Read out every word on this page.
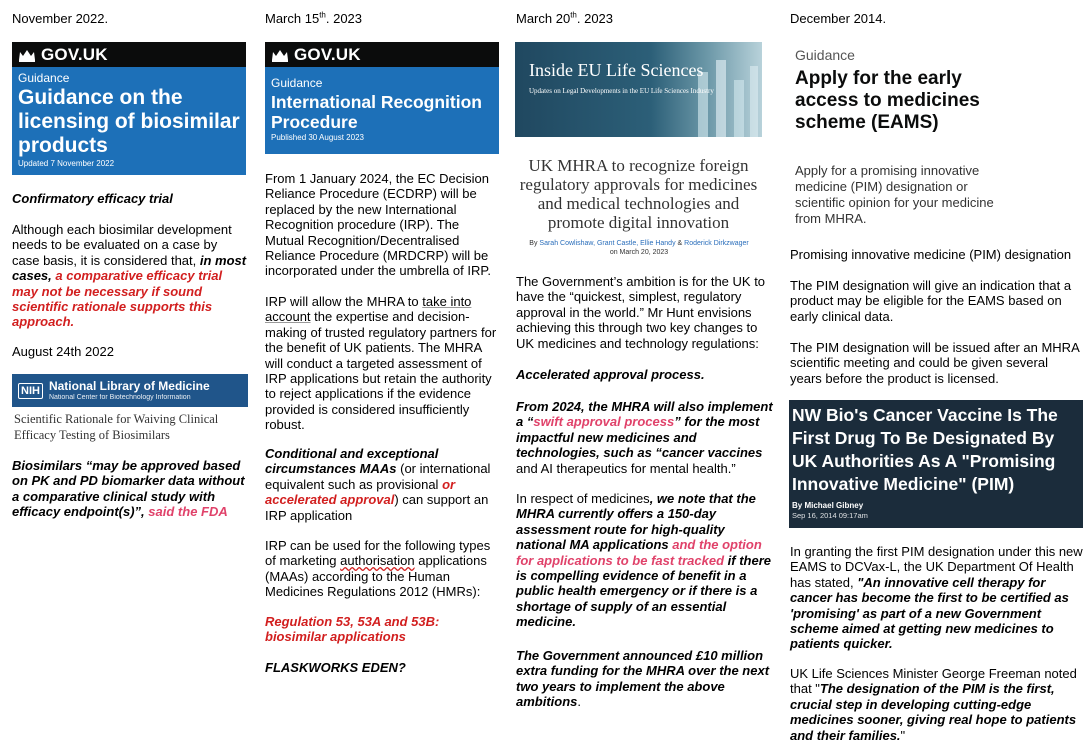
November 2022.
GOV.UK
Guidance
Guidance on the licensing of biosimilar products
Updated 7 November 2022
Confirmatory efficacy trial

Although each biosimilar development needs to be evaluated on a case by case basis, it is considered that, in most cases, a comparative efficacy trial may not be necessary if sound scientific rationale supports this approach.

August 24th 2022
NIH National Library of Medicine
National Center for Biotechnology Information
Scientific Rationale for Waiving Clinical Efficacy Testing of Biosimilars

Biosimilars “may be approved based on PK and PD biomarker data without a comparative clinical study with efficacy endpoint(s)”, said the FDA

March 15th. 2023
GOV.UK
Guidance
International Recognition Procedure
Published 30 August 2023

From 1 January 2024, the EC Decision Reliance Procedure (ECDRP) will be replaced by the new International Recognition procedure (IRP). The Mutual Recognition/Decentralised Reliance Procedure (MRDCRP) will be incorporated under the umbrella of IRP.

IRP will allow the MHRA to take into account the expertise and decision-making of trusted regulatory partners for the benefit of UK patients. The MHRA will conduct a targeted assessment of IRP applications but retain the authority to reject applications if the evidence provided is considered insufficiently robust.

Conditional and exceptional circumstances MAAs (or international equivalent such as provisional or accelerated approval) can support an IRP application

IRP can be used for the following types of marketing authorisation applications (MAAs) according to the Human Medicines Regulations 2012 (HMRs):

Regulation 53, 53A and 53B: biosimilar applications

FLASKWORKS EDEN?

March 20th. 2023
Inside EU Life Sciences
Updates on Legal Developments in the EU Life Sciences Industry
UK MHRA to recognize foreign regulatory approvals for medicines and medical technologies and promote digital innovation
By Sarah Cowlishaw, Grant Castle, Ellie Handy & Roderick Dirkzwager
on March 20, 2023

The Government’s ambition is for the UK to have the “quickest, simplest, regulatory approval in the world.” Mr Hunt envisions achieving this through two key changes to UK medicines and technology regulations:

Accelerated approval process.

From 2024, the MHRA will also implement a “swift approval process” for the most impactful new medicines and technologies, such as “cancer vaccines and AI therapeutics for mental health.”

In respect of medicines, we note that the MHRA currently offers a 150-day assessment route for high-quality national MA applications and the option for applications to be fast tracked if there is compelling evidence of benefit in a public health emergency or if there is a shortage of supply of an essential medicine.

The Government announced £10 million extra funding for the MHRA over the next two years to implement the above ambitions.

December 2014.
Guidance
Apply for the early access to medicines scheme (EAMS)
Apply for a promising innovative medicine (PIM) designation or scientific opinion for your medicine from MHRA.

Promising innovative medicine (PIM) designation

The PIM designation will give an indication that a product may be eligible for the EAMS based on early clinical data.

The PIM designation will be issued after an MHRA scientific meeting and could be given several years before the product is licensed.

NW Bio's Cancer Vaccine Is The First Drug To Be Designated By UK Authorities As A "Promising Innovative Medicine" (PIM)
By Michael Gibney
Sep 16, 2014 09:17am

In granting the first PIM designation under this new EAMS to DCVax-L, the UK Department Of Health has stated, "An innovative cell therapy for cancer has become the first to be certified as 'promising' as part of a new Government scheme aimed at getting new medicines to patients quicker.

UK Life Sciences Minister George Freeman noted that "The designation of the PIM is the first, crucial step in developing cutting-edge medicines sooner, giving real hope to patients and their families."
